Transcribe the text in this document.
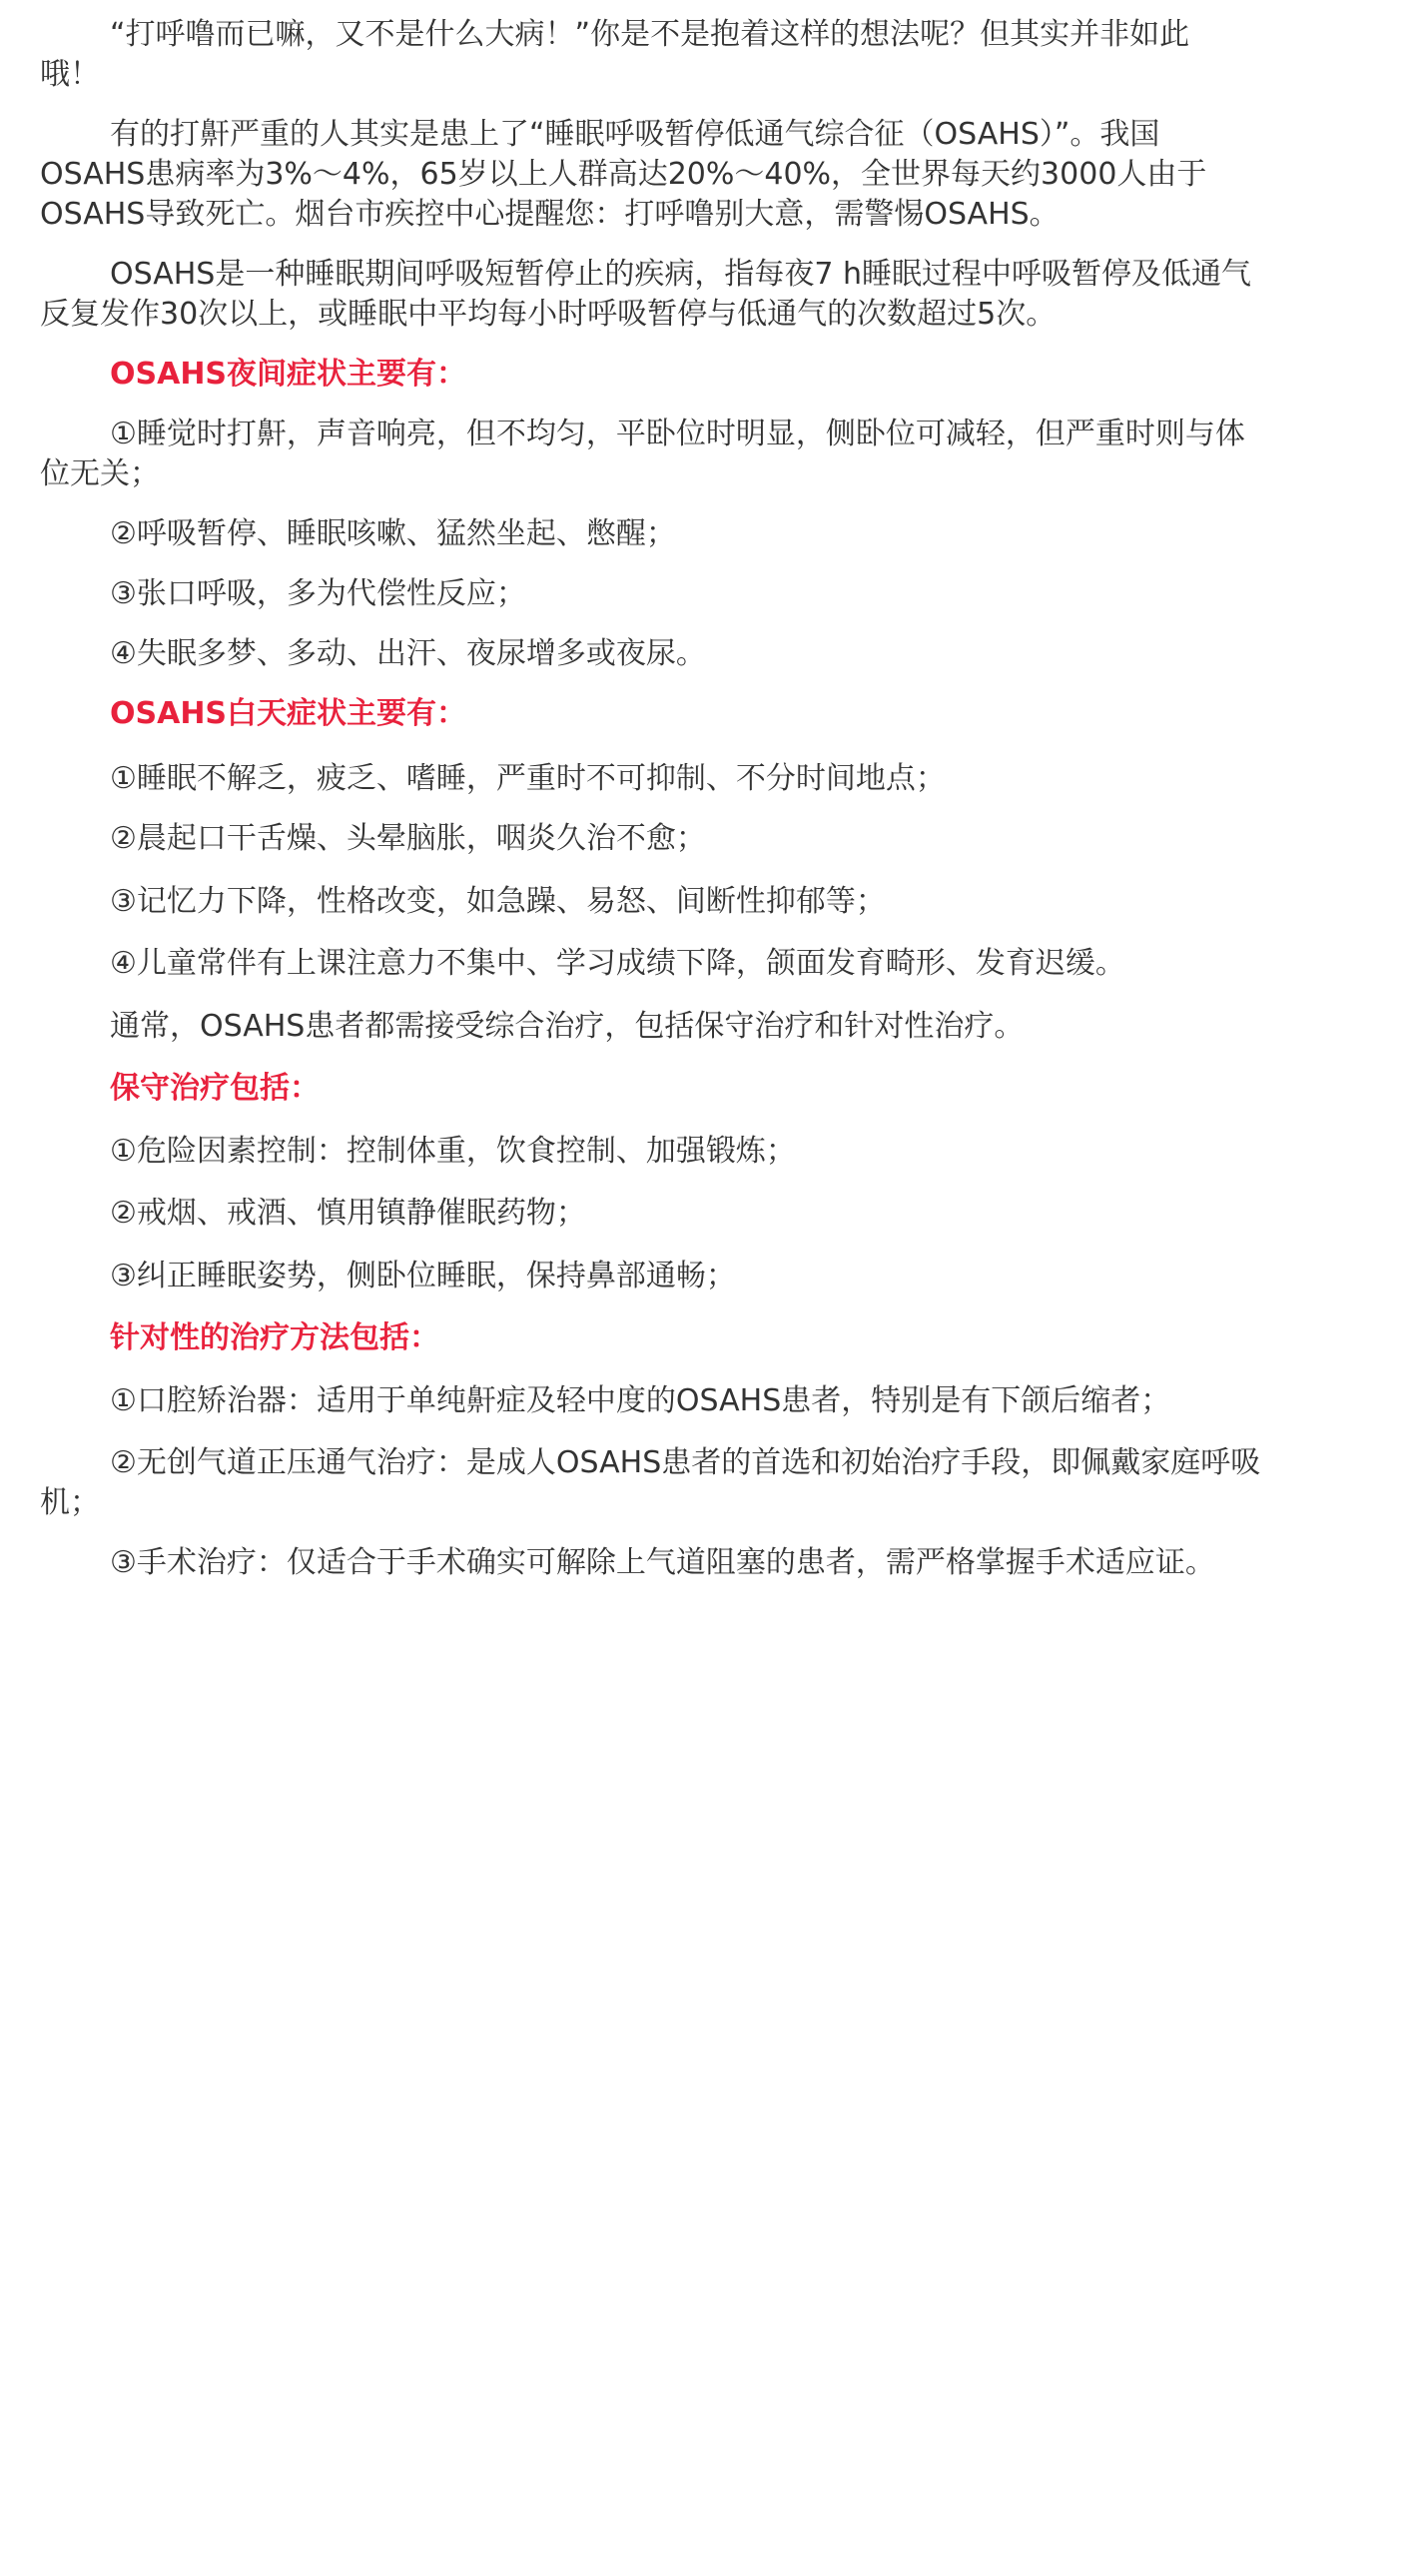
“打呼噜而已嘛，又不是什么大病！”你是不是抱着这样的想法呢？但其实并非如此
哦！
有的打鼾严重的人其实是患上了“睡眠呼吸暂停低通气综合征（OSAHS）”。我国
OSAHS患病率为3%～4%，65岁以上人群高达20%～40%，全世界每天约3000人由于
OSAHS导致死亡。烟台市疾控中心提醒您：打呼噜别大意，需警惕OSAHS。
OSAHS是一种睡眠期间呼吸短暂停止的疾病，指每夜7 h睡眠过程中呼吸暂停及低通气
反复发作30次以上，或睡眠中平均每小时呼吸暂停与低通气的次数超过5次。
OSAHS夜间症状主要有：
①睡觉时打鼾，声音响亮，但不均匀，平卧位时明显，侧卧位可减轻，但严重时则与体
位无关；
②呼吸暂停、睡眠咳嗽、猛然坐起、憋醒；
③张口呼吸，多为代偿性反应；
④失眠多梦、多动、出汗、夜尿增多或夜尿。
OSAHS白天症状主要有：
①睡眠不解乏，疲乏、嗜睡，严重时不可抑制、不分时间地点；
②晨起口干舌燥、头晕脑胀，咽炎久治不愈；
③记忆力下降，性格改变，如急躁、易怒、间断性抑郁等；
④儿童常伴有上课注意力不集中、学习成绩下降，颌面发育畸形、发育迟缓。
通常，OSAHS患者都需接受综合治疗，包括保守治疗和针对性治疗。
保守治疗包括：
①危险因素控制：控制体重，饮食控制、加强锻炼；
②戒烟、戒酒、慎用镇静催眠药物；
③纠正睡眠姿势，侧卧位睡眠，保持鼻部通畅；
针对性的治疗方法包括：
①口腔矫治器：适用于单纯鼾症及轻中度的OSAHS患者，特别是有下颌后缩者；
②无创气道正压通气治疗：是成人OSAHS患者的首选和初始治疗手段，即佩戴家庭呼吸
机；
③手术治疗：仅适合于手术确实可解除上气道阻塞的患者，需严格掌握手术适应证。
